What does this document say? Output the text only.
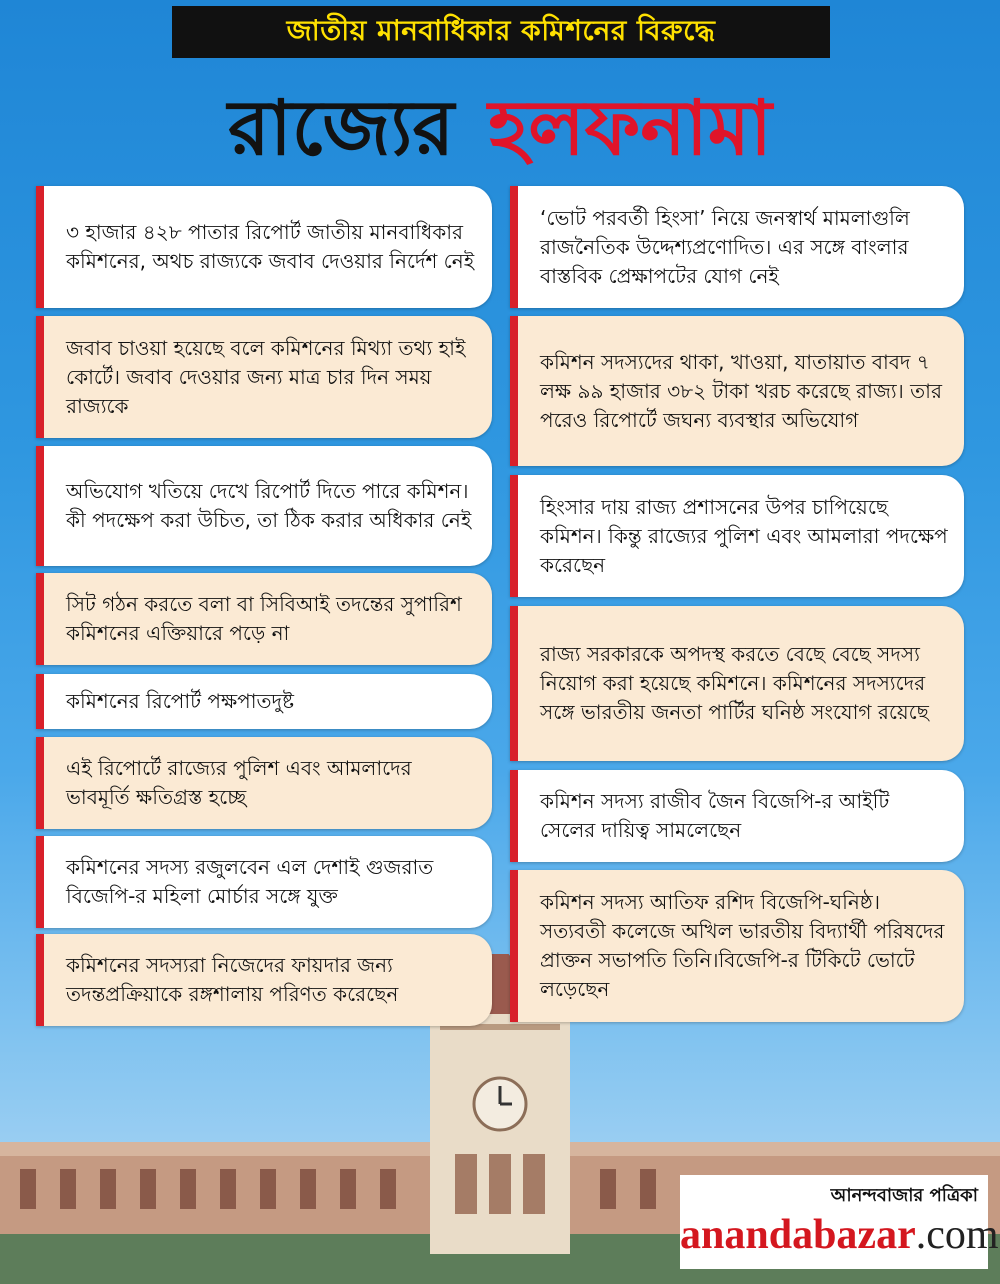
জাতীয় মানবাধিকার কমিশনের বিরুদ্ধে
রাজ্যের হলফনামা
৩ হাজার ৪২৮ পাতার রিপোর্ট জাতীয় মানবাধিকার কমিশনের, অথচ রাজ্যকে জবাব দেওয়ার নির্দেশ নেই
জবাব চাওয়া হয়েছে বলে কমিশনের মিথ্যা তথ্য হাই কোর্টে। জবাব দেওয়ার জন্য মাত্র চার দিন সময় রাজ্যকে
অভিযোগ খতিয়ে দেখে রিপোর্ট দিতে পারে কমিশন। কী পদক্ষেপ করা উচিত, তা ঠিক করার অধিকার নেই
সিট গঠন করতে বলা বা সিবিআই তদন্তের সুপারিশ কমিশনের এক্তিয়ারে পড়ে না
কমিশনের রিপোর্ট পক্ষপাতদুষ্ট
এই রিপোর্টে রাজ্যের পুলিশ এবং আমলাদের ভাবমূর্তি ক্ষতিগ্রস্ত হচ্ছে
কমিশনের সদস্য রজুলবেন এল দেশাই গুজরাত বিজেপি-র মহিলা মোর্চার সঙ্গে যুক্ত
কমিশনের সদস্যরা নিজেদের ফায়দার জন্য তদন্তপ্রক্রিয়াকে রঙ্গশালায় পরিণত করেছেন
‘ভোট পরবর্তী হিংসা’ নিয়ে জনস্বার্থ মামলাগুলি রাজনৈতিক উদ্দেশ্যপ্রণোদিত। এর সঙ্গে বাংলার বাস্তবিক প্রেক্ষাপটের যোগ নেই
কমিশন সদস্যদের থাকা, খাওয়া, যাতায়াত বাবদ ৭ লক্ষ ৯৯ হাজার ৩৮২ টাকা খরচ করেছে রাজ্য। তার পরেও রিপোর্টে জঘন্য ব্যবস্থার অভিযোগ
হিংসার দায় রাজ্য প্রশাসনের উপর চাপিয়েছে কমিশন। কিন্তু রাজ্যের পুলিশ এবং আমলারা পদক্ষেপ করেছেন
রাজ্য সরকারকে অপদস্থ করতে বেছে বেছে সদস্য নিয়োগ করা হয়েছে কমিশনে। কমিশনের সদস্যদের সঙ্গে ভারতীয় জনতা পার্টির ঘনিষ্ঠ সংযোগ রয়েছে
কমিশন সদস্য রাজীব জৈন বিজেপি-র আইটি সেলের দায়িত্ব সামলেছেন
কমিশন সদস্য আতিফ রশিদ বিজেপি-ঘনিষ্ঠ। সত্যবতী কলেজে অখিল ভারতীয় বিদ্যার্থী পরিষদের প্রাক্তন সভাপতি তিনি।বিজেপি-র টিকিটে ভোটে লড়েছেন
আনন্দবাজার পত্রিকা
anandabazar.com
